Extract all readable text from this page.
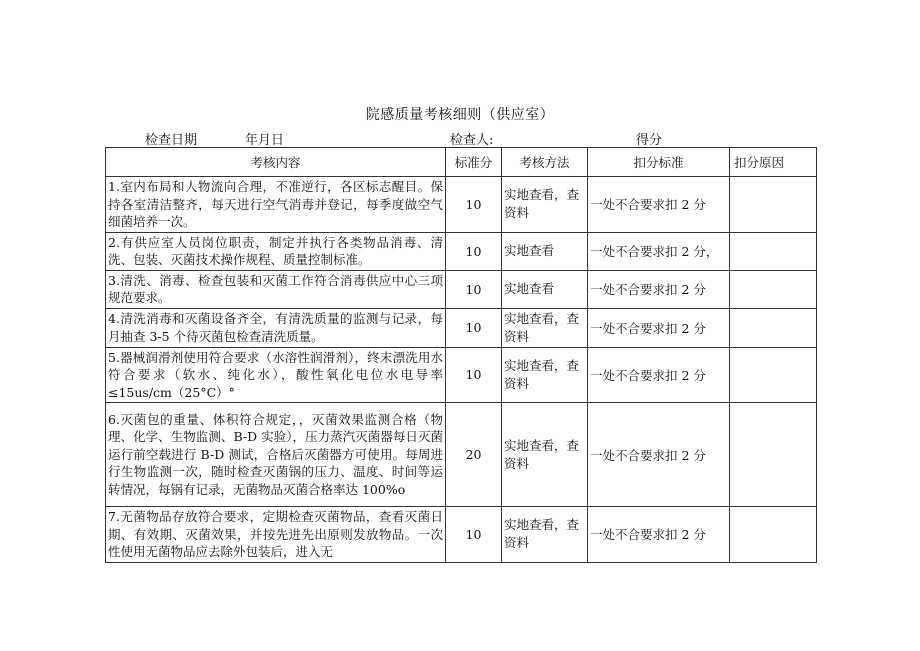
院感质量考核细则（供应室）
检查日期	年月日	检查人:	得分
考核内容	标准分	考核方法	扣分标准	扣分原因
1.室内布局和人物流向合理，不准逆行，各区标志醒目。保持各室清洁整齐，每天进行空气消毒并登记，每季度做空气细菌培养一次。	10	实地查看，查资料	一处不合要求扣 2 分	
2.有供应室人员岗位职责，制定并执行各类物品消毒、清洗、包装、灭菌技术操作规程、质量控制标准。	10	实地查看	一处不合要求扣 2 分，	
3.清洗、消毒、检查包装和灭菌工作符合消毒供应中心三项规范要求。	10	实地查看	一处不合要求扣 2 分	
4.清洗消毒和灭菌设备齐全，有清洗质量的监测与记录，每月抽查 3-5 个待灭菌包检查清洗质量。	10	实地查看，查资料	一处不合要求扣 2 分	
5.器械润滑剂使用符合要求（水溶性润滑剂），终末漂洗用水符合要求（软水、纯化水），酸性氧化电位水电导率≤15us∕cm（25°C）°	10	实地查看，查资料	一处不合要求扣 2 分	
6.灭菌包的重量、体积符合规定，，灭菌效果监测合格（物理、化学、生物监测、B-D 实验），压力蒸汽灭菌器每日灭菌运行前空载进行 B-D 测试，合格后灭菌器方可使用。每周进行生物监测一次，随时检查灭菌锅的压力、温度、时间等运转情况，每锅有记录，无菌物品灭菌合格率达 100%o	20	实地查看，查资料	一处不合要求扣 2 分	
7.无菌物品存放符合要求，定期检查灭菌物品，查看灭菌日期、有效期、灭菌效果，并按先进先出原则发放物品。一次性使用无菌物品应去除外包装后，进入无	10	实地查看，查资料	一处不合要求扣 2 分	
